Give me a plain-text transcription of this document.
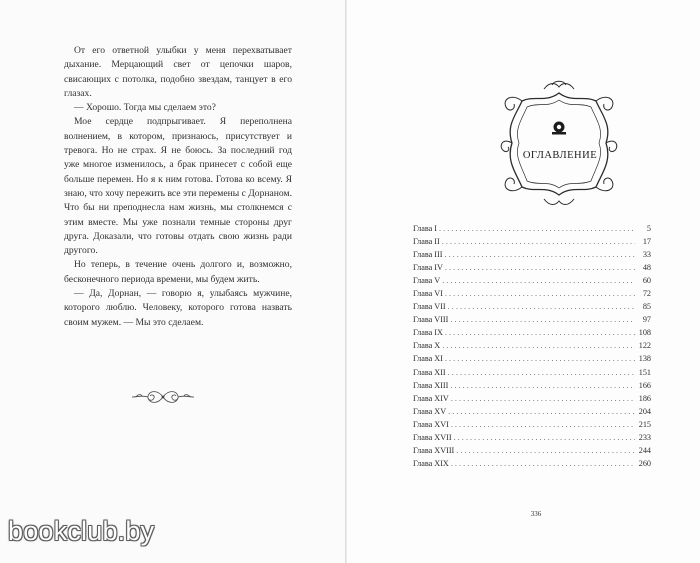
От его ответной улыбки у меня перехватывает дыхание. Мерцающий свет от цепочки шаров, свисающих с потолка, подобно звездам, танцует в его глазах.

— Хорошо. Тогда мы сделаем это?

Мое сердце подпрыгивает. Я переполнена волнением, в котором, признаюсь, присутствует и тревога. Но не страх. Я не боюсь. За последний год уже многое изменилось, а брак принесет с собой еще больше перемен. Но я к ним готова. Готова ко всему. Я знаю, что хочу пережить все эти перемены с Дорнаном. Что бы ни преподнесла нам жизнь, мы столкнемся с этим вместе. Мы уже познали темные стороны друг друга. Доказали, что готовы отдать свою жизнь ради другого.

Но теперь, в течение очень долгого и, возможно, бесконечного периода времени, мы будем жить.

— Да, Дорнан, — говорю я, улыбаясь мужчине, которого люблю. Человеку, которого готова назвать своим мужем. — Мы это сделаем.

bookclub.by
ОГЛАВЛЕНИЕ
Глава I . . .	5
Глава II . . .	17
Глава III . . .	33
Глава IV . . .	48
Глава V . . .	60
Глава VI . . .	72
Глава VII . . .	85
Глава VIII . . .	97
Глава IX . . .	108
Глава X . . .	122
Глава XI . . .	138
Глава XII . . .	151
Глава XIII . . .	166
Глава XIV . . .	186
Глава XV . . .	204
Глава XVI . . .	215
Глава XVII . . .	233
Глава XVIII . . .	244
Глава XIX . . .	260
336
